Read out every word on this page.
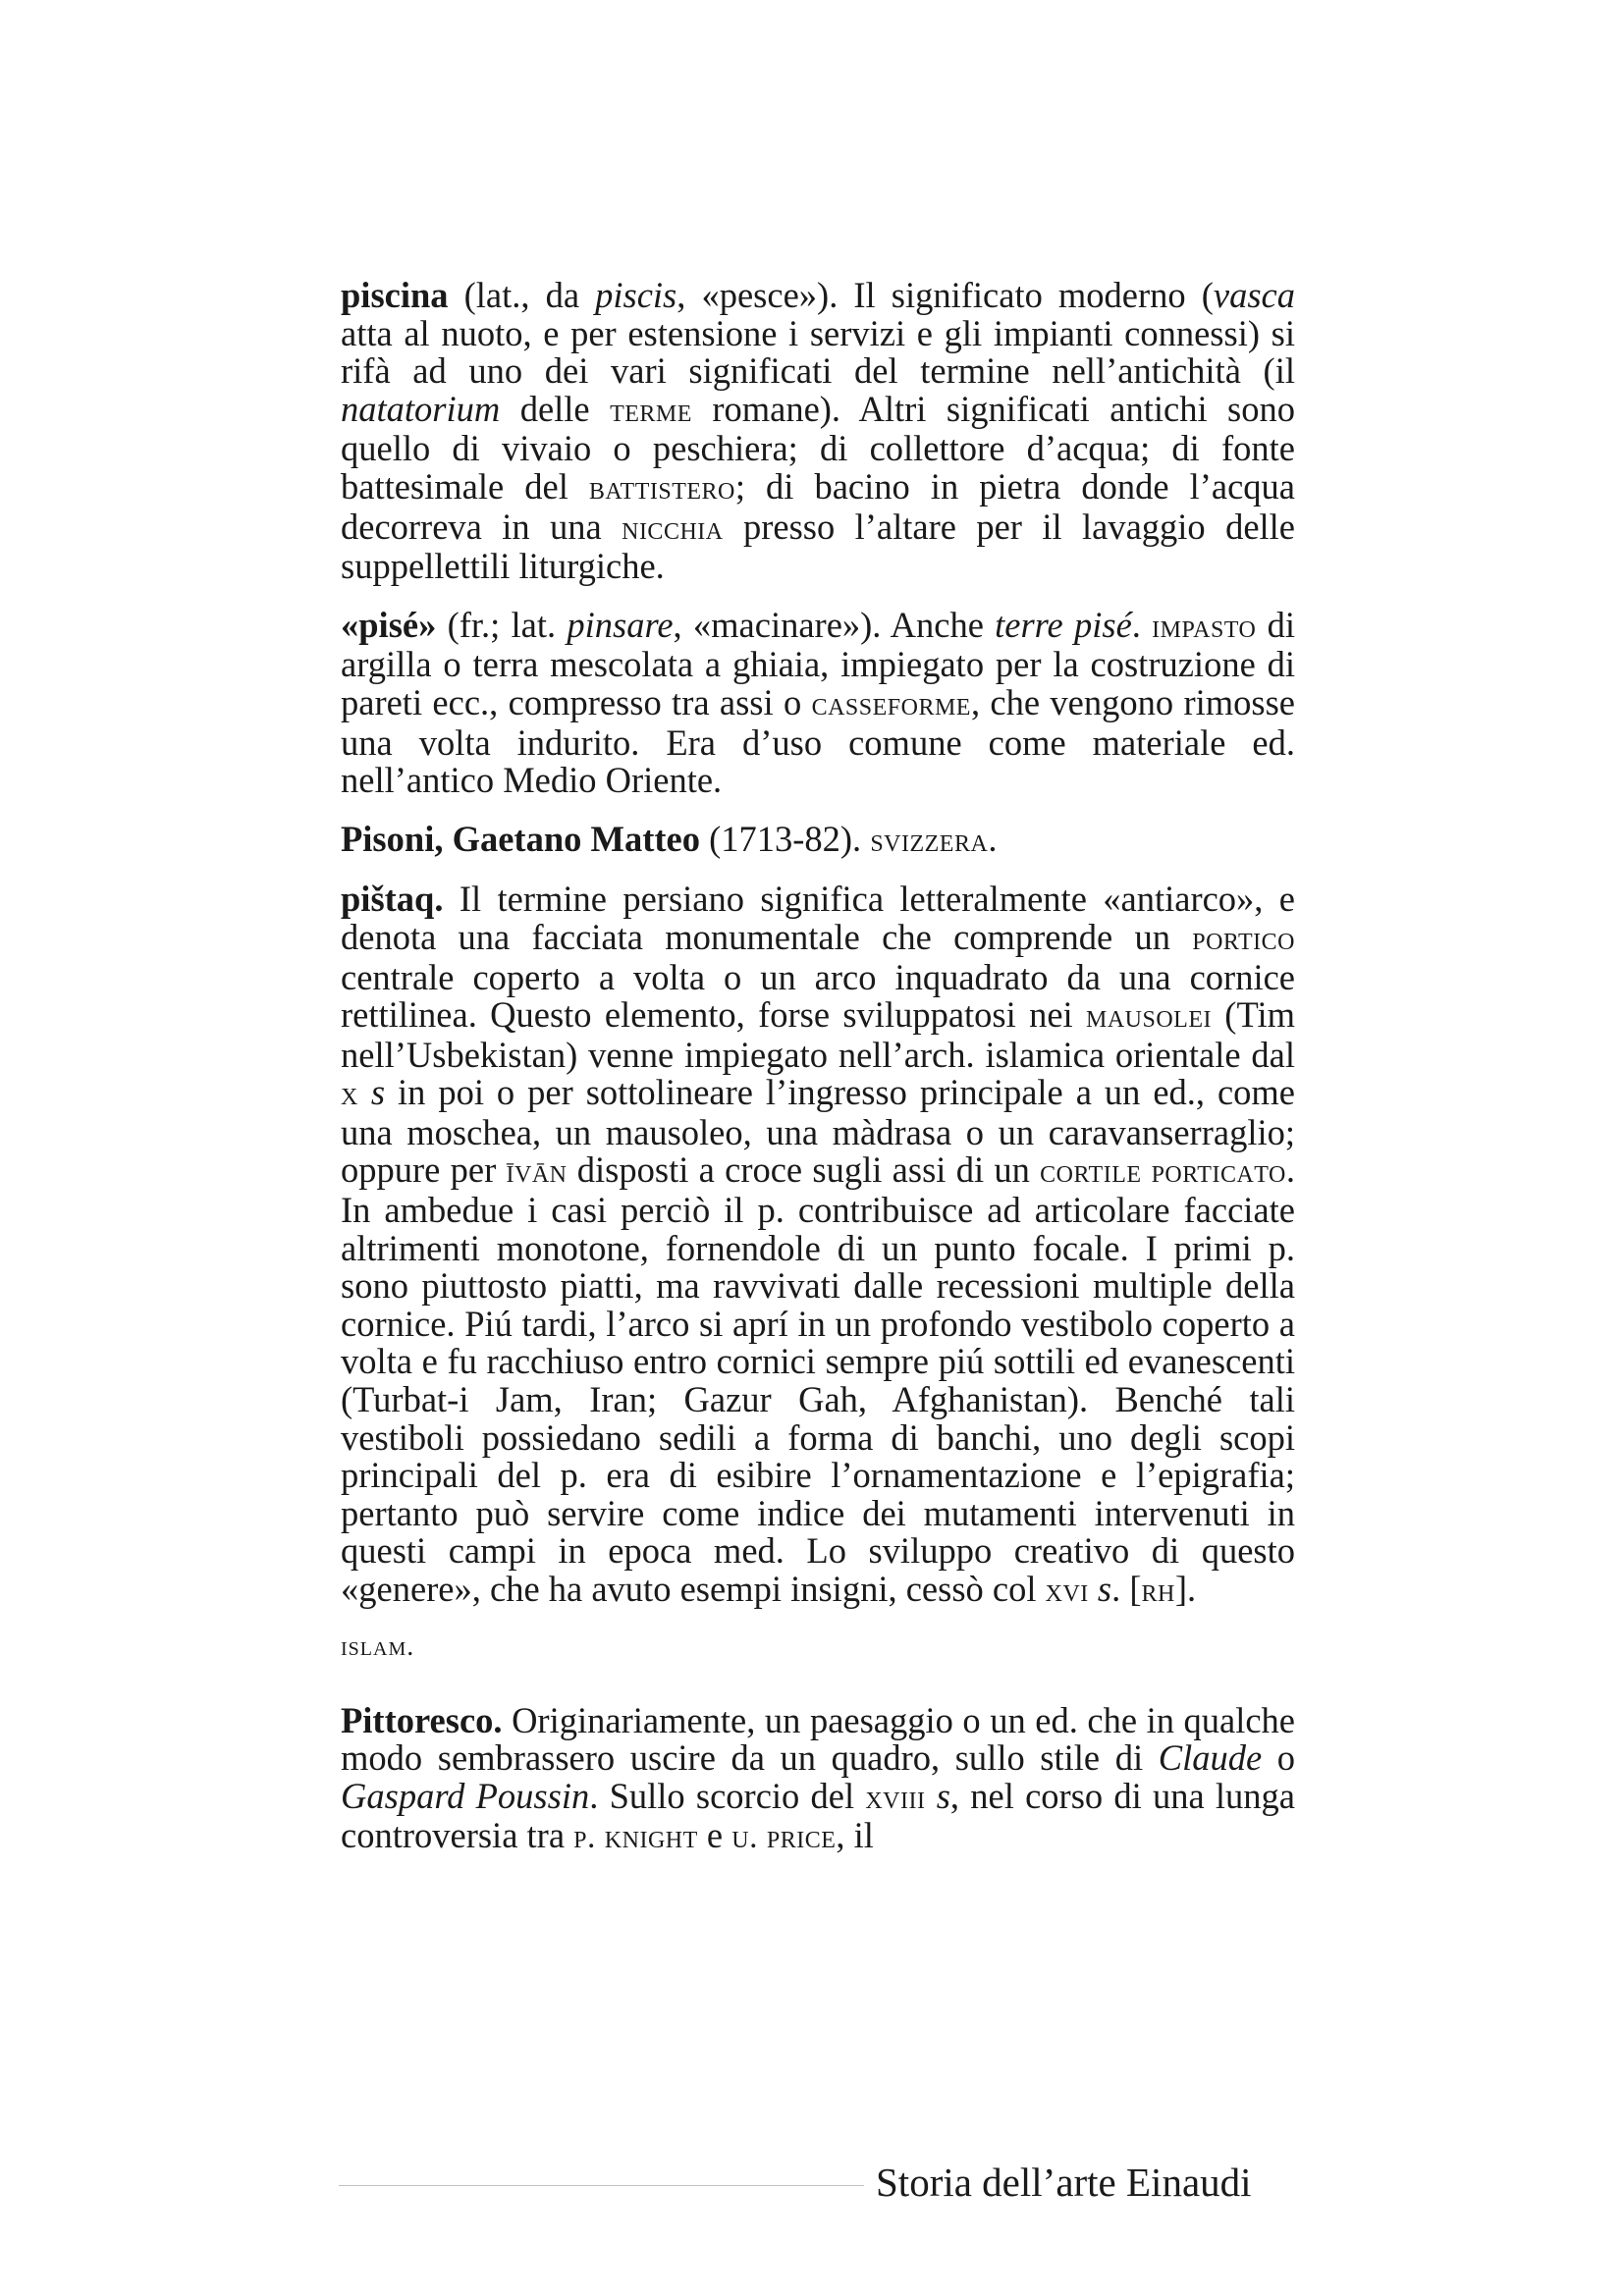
piscina (lat., da piscis, «pesce»). Il significato moderno (vasca atta al nuoto, e per estensione i servizi e gli impianti connessi) si rifà ad uno dei vari significati del termine nell’antichità (il natatorium delle terme romane). Altri significati antichi sono quello di vivaio o peschiera; di collettore d’acqua; di fonte battesimale del battistero; di bacino in pietra donde l’acqua decorreva in una nicchia presso l’altare per il lavaggio delle suppellettili liturgiche.

«pisé» (fr.; lat. pinsare, «macinare»). Anche terre pisé. impasto di argilla o terra mescolata a ghiaia, impiegato per la costruzione di pareti ecc., compresso tra assi o casseforme, che vengono rimosse una volta indurito. Era d’uso comune come materiale ed. nell’antico Medio Oriente.

Pisoni, Gaetano Matteo (1713-82). svizzera.

pištaq. Il termine persiano significa letteralmente «antiarco», e denota una facciata monumentale che comprende un portico centrale coperto a volta o un arco inquadrato da una cornice rettilinea. Questo elemento, forse sviluppatosi nei mausolei (Tim nell’Usbekistan) venne impiegato nell’arch. islamica orientale dal x s in poi o per sottolineare l’ingresso principale a un ed., come una moschea, un mausoleo, una màdrasa o un caravanserraglio; oppure per īvān disposti a croce sugli assi di un cortile porticato. In ambedue i casi perciò il p. contribuisce ad articolare facciate altrimenti monotone, fornendole di un punto focale. I primi p. sono piuttosto piatti, ma ravvivati dalle recessioni multiple della cornice. Piú tardi, l’arco si aprí in un profondo vestibolo coperto a volta e fu racchiuso entro cornici sempre piú sottili ed evanescenti (Turbat-i Jam, Iran; Gazur Gah, Afghanistan). Benché tali vestiboli possiedano sedili a forma di banchi, uno degli scopi principali del p. era di esibire l’ornamentazione e l’epigrafia; pertanto può servire come indice dei mutamenti intervenuti in questi campi in epoca med. Lo sviluppo creativo di questo «genere», che ha avuto esempi insigni, cessò col xvi s. [rh].

islam.

Pittoresco. Originariamente, un paesaggio o un ed. che in qualche modo sembrassero uscire da un quadro, sullo stile di Claude o Gaspard Poussin. Sullo scorcio del xviii s, nel corso di una lunga controversia tra p. knight e u. price, il

Storia dell’arte Einaudi
